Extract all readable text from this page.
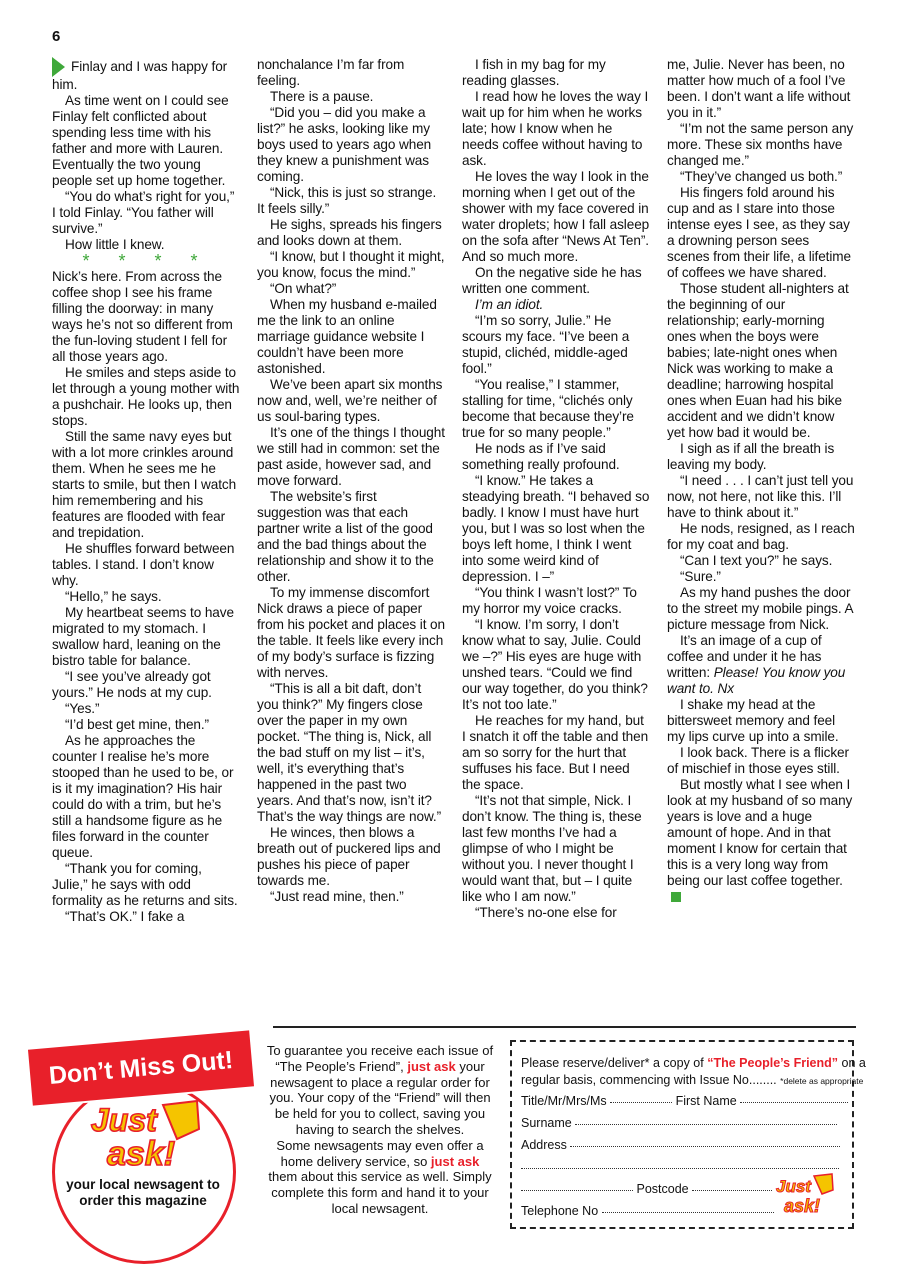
6

Finlay and I was happy for him.

As time went on I could see Finlay felt conflicted about spending less time with his father and more with Lauren. Eventually the two young people set up home together.

“You do what’s right for you,” I told Finlay. “You father will survive.”

How little I knew.

* * * *

Nick’s here. From across the coffee shop I see his frame filling the doorway: in many ways he’s not so different from the fun-loving student I fell for all those years ago.

He smiles and steps aside to let through a young mother with a pushchair. He looks up, then stops.

Still the same navy eyes but with a lot more crinkles around them. When he sees me he starts to smile, but then I watch him remembering and his features are flooded with fear and trepidation.

He shuffles forward between tables. I stand. I don’t know why.

“Hello,” he says.

My heartbeat seems to have migrated to my stomach. I swallow hard, leaning on the bistro table for balance.

“I see you’ve already got yours.” He nods at my cup.

“Yes.”

“I’d best get mine, then.”

As he approaches the counter I realise he’s more stooped than he used to be, or is it my imagination? His hair could do with a trim, but he’s still a handsome figure as he files forward in the counter queue.

“Thank you for coming, Julie,” he says with odd formality as he returns and sits.

“That’s OK.” I fake a

nonchalance I’m far from feeling.

There is a pause.

“Did you – did you make a list?” he asks, looking like my boys used to years ago when they knew a punishment was coming.

“Nick, this is just so strange. It feels silly.”

He sighs, spreads his fingers and looks down at them.

“I know, but I thought it might, you know, focus the mind.”

“On what?”

When my husband e-mailed me the link to an online marriage guidance website I couldn’t have been more astonished.

We’ve been apart six months now and, well, we’re neither of us soul-baring types.

It’s one of the things I thought we still had in common: set the past aside, however sad, and move forward.

The website’s first suggestion was that each partner write a list of the good and the bad things about the relationship and show it to the other.

To my immense discomfort Nick draws a piece of paper from his pocket and places it on the table. It feels like every inch of my body’s surface is fizzing with nerves.

“This is all a bit daft, don’t you think?” My fingers close over the paper in my own pocket. “The thing is, Nick, all the bad stuff on my list – it’s, well, it’s everything that’s happened in the past two years. And that’s now, isn’t it? That’s the way things are now.”

He winces, then blows a breath out of puckered lips and pushes his piece of paper towards me.

“Just read mine, then.”

I fish in my bag for my reading glasses.

I read how he loves the way I wait up for him when he works late; how I know when he needs coffee without having to ask.

He loves the way I look in the morning when I get out of the shower with my face covered in water droplets; how I fall asleep on the sofa after “News At Ten”. And so much more.

On the negative side he has written one comment.

I’m an idiot.

“I’m so sorry, Julie.” He scours my face. “I’ve been a stupid, clichéd, middle-aged fool.”

“You realise,” I stammer, stalling for time, “clichés only become that because they’re true for so many people.”

He nods as if I’ve said something really profound.

“I know.” He takes a steadying breath. “I behaved so badly. I know I must have hurt you, but I was so lost when the boys left home, I think I went into some weird kind of depression. I –”

“You think I wasn’t lost?” To my horror my voice cracks.

“I know. I’m sorry, I don’t know what to say, Julie. Could we –?” His eyes are huge with unshed tears. “Could we find our way together, do you think? It’s not too late.”

He reaches for my hand, but I snatch it off the table and then am so sorry for the hurt that suffuses his face. But I need the space.

“It’s not that simple, Nick. I don’t know. The thing is, these last few months I’ve had a glimpse of who I might be without you. I never thought I would want that, but – I quite like who I am now.”

“There’s no-one else for

me, Julie. Never has been, no matter how much of a fool I’ve been. I don’t want a life without you in it.”

“I’m not the same person any more. These six months have changed me.”

“They’ve changed us both.”

His fingers fold around his cup and as I stare into those intense eyes I see, as they say a drowning person sees scenes from their life, a lifetime of coffees we have shared.

Those student all-nighters at the beginning of our relationship; early-morning ones when the boys were babies; late-night ones when Nick was working to make a deadline; harrowing hospital ones when Euan had his bike accident and we didn’t know yet how bad it would be.

I sigh as if all the breath is leaving my body.

“I need . . . I can’t just tell you now, not here, not like this. I’ll have to think about it.”

He nods, resigned, as I reach for my coat and bag.

“Can I text you?” he says.

“Sure.”

As my hand pushes the door to the street my mobile pings. A picture message from Nick.

It’s an image of a cup of coffee and under it he has written: Please! You know you want to. Nx

I shake my head at the bittersweet memory and feel my lips curve up into a smile.

I look back. There is a flicker of mischief in those eyes still.

But mostly what I see when I look at my husband of so many years is love and a huge amount of hope. And in that moment I know for certain that this is a very long way from being our last coffee together.

Just
ask!
your local newsagent to order this magazine
Don’t Miss Out!	To guarantee you receive each issue of “The People’s Friend”, just ask your newsagent to place a regular order for you. Your copy of the “Friend” will then be held for you to collect, saving you having to search the shelves.
Some newsagents may even offer a home delivery service, so just ask them about this service as well. Simply complete this form and hand it to your local newsagent.
Please reserve/deliver* a copy of “The People’s Friend” on a
regular basis, commencing with Issue No........ *delete as appropriate
Title/Mr/Mrs/Ms	First Name
Surname
Address
Postcode
Telephone No
Just
ask!
